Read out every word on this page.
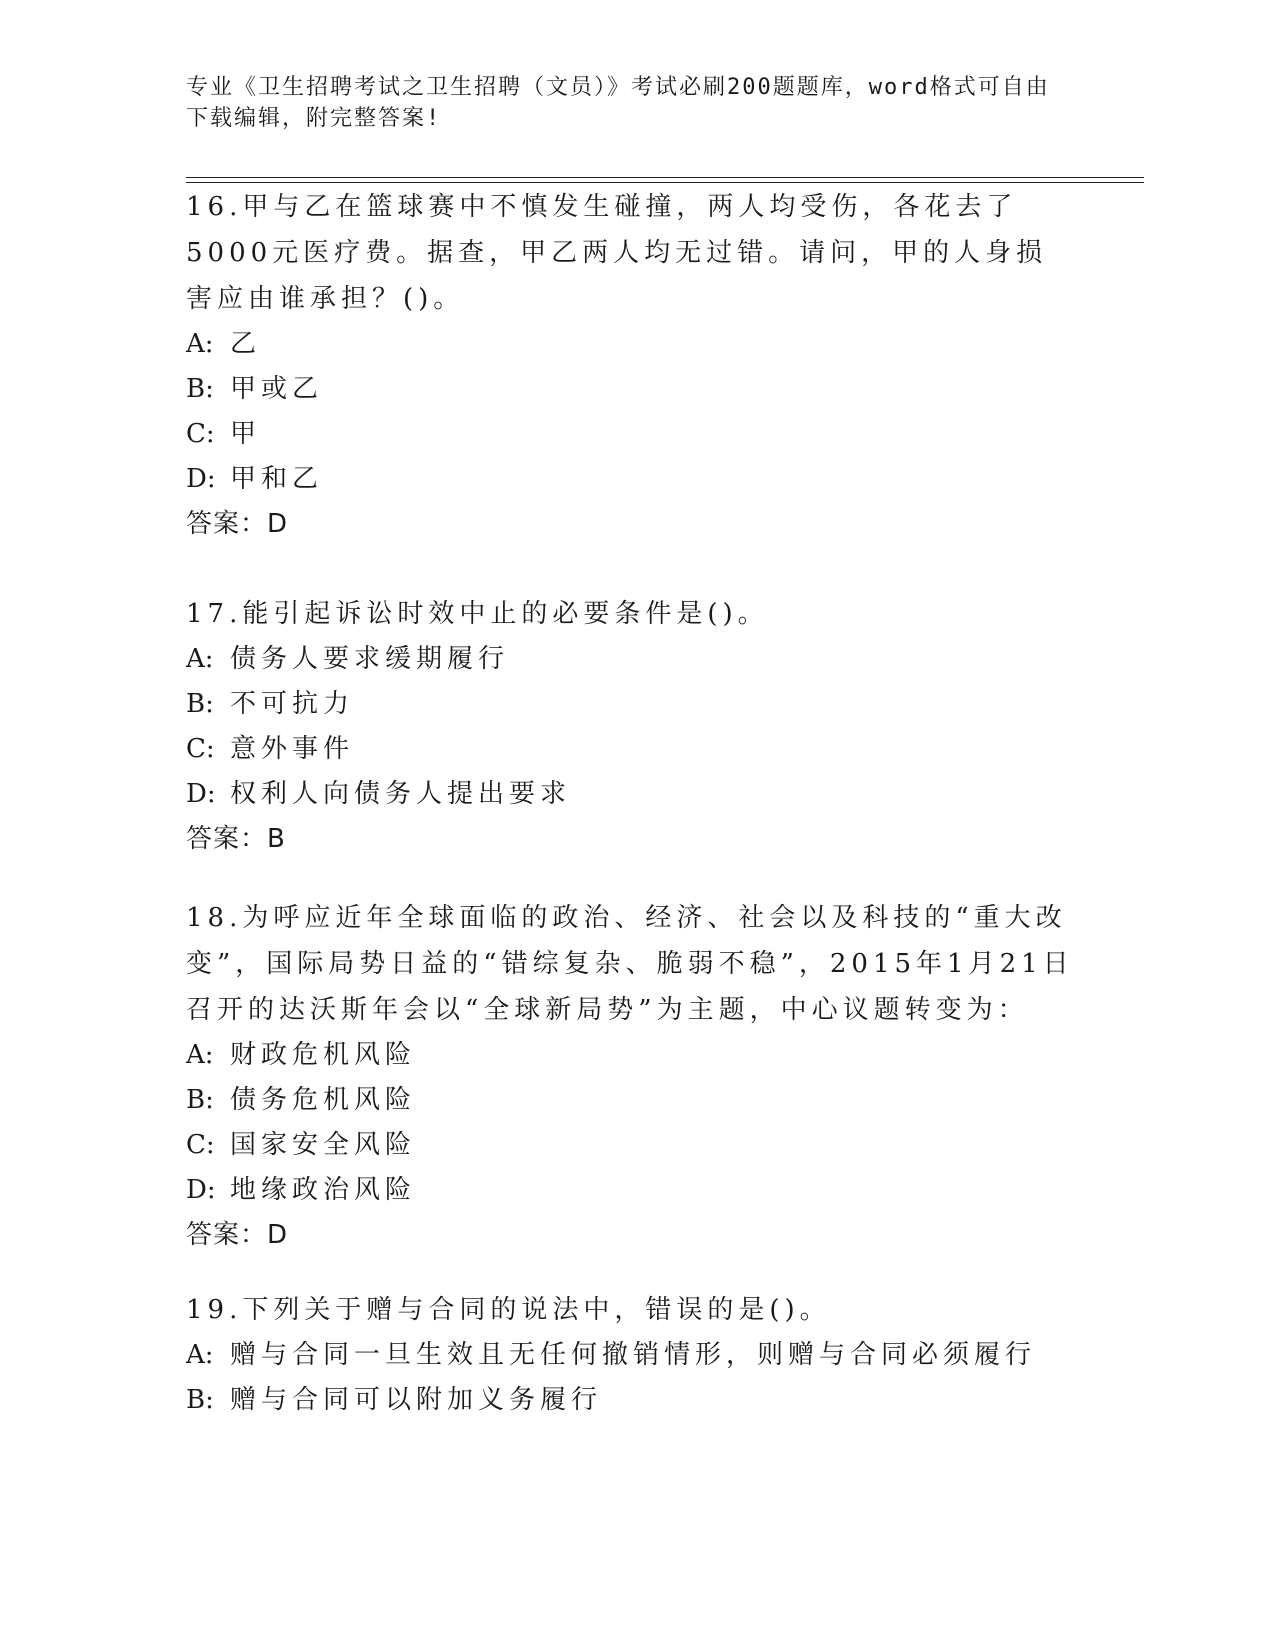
专业《卫生招聘考试之卫生招聘（文员）》考试必刷200题题库，word格式可自由下载编辑，附完整答案!

16.甲与乙在篮球赛中不慎发生碰撞，两人均受伤，各花去了5000元医疗费。据查，甲乙两人均无过错。请问，甲的人身损害应由谁承担？()。

A: 乙

B: 甲或乙

C: 甲

D: 甲和乙

答案：D

17.能引起诉讼时效中止的必要条件是()。

A: 债务人要求缓期履行

B: 不可抗力

C: 意外事件

D: 权利人向债务人提出要求

答案：B

18.为呼应近年全球面临的政治、经济、社会以及科技的“重大改变”，国际局势日益的“错综复杂、脆弱不稳”，2015年1月21日召开的达沃斯年会以“全球新局势”为主题，中心议题转变为：

A: 财政危机风险

B: 债务危机风险

C: 国家安全风险

D: 地缘政治风险

答案：D

19.下列关于赠与合同的说法中，错误的是()。

A: 赠与合同一旦生效且无任何撤销情形，则赠与合同必须履行

B: 赠与合同可以附加义务履行
